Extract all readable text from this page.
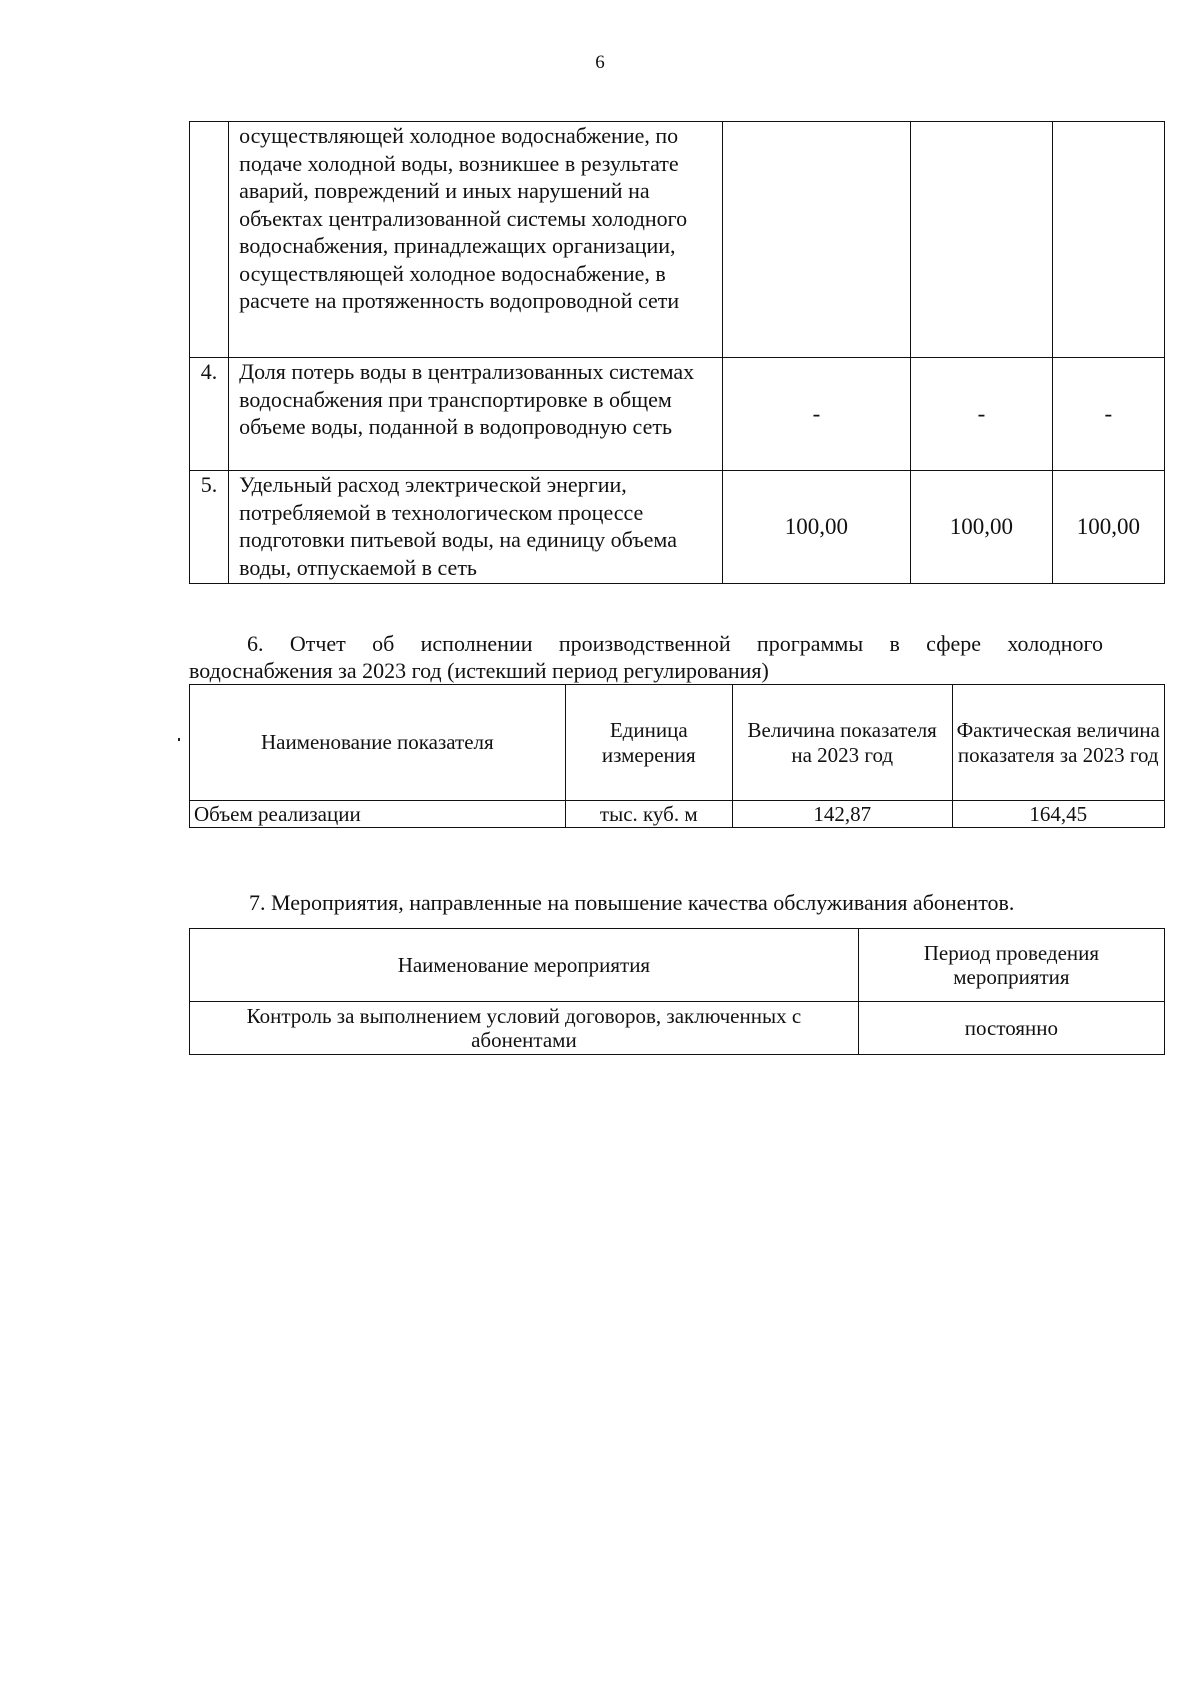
6
	осуществляющей холодное водоснабжение, по подаче холодной воды, возникшее в результате аварий, повреждений и иных нарушений на объектах централизованной системы холодного водоснабжения, принадлежащих организации, осуществляющей холодное водоснабжение, в расчете на протяженность водопроводной сети			
4.	Доля потерь воды в централизованных системах водоснабжения при транспортировке в общем объеме воды, поданной в водопроводную сеть	-	-	-
5.	Удельный расход электрической энергии, потребляемой в технологическом процессе подготовки питьевой воды, на единицу объема воды, отпускаемой в сеть	100,00	100,00	100,00
6. Отчет об исполнении производственной программы в сфере холодного
водоснабжения за 2023 год (истекший период регулирования)
Наименование показателя	Единица измерения	Величина показателя на 2023 год	Фактическая величина показателя за 2023 год
Объем реализации	тыс. куб. м	142,87	164,45
7. Мероприятия, направленные на повышение качества обслуживания абонентов.
Наименование мероприятия	Период проведения мероприятия
Контроль за выполнением условий договоров, заключенных с абонентами	постоянно
